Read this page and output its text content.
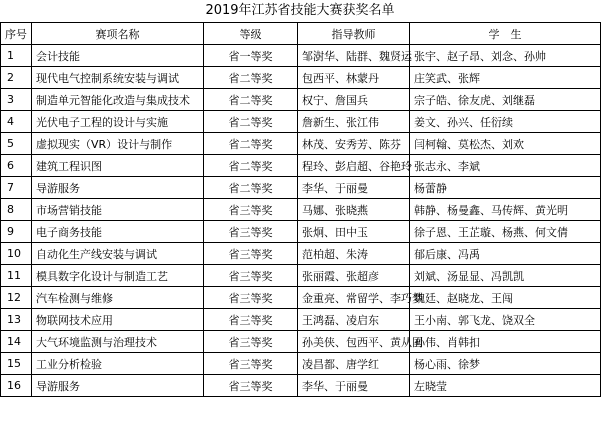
2019年江苏省技能大赛获奖名单
序号	赛项名称	等级	指导教师	学　生
1	会计技能	省一等奖	邹澍华、陆群、魏贤运	张宇、赵子昂、刘念、孙帅
2	现代电气控制系统安装与调试	省二等奖	包西平、林蒙丹	庄笑武、张辉
3	制造单元智能化改造与集成技术	省二等奖	权宁、詹国兵	宗子皓、徐友虎、刘继磊
4	光伏电子工程的设计与实施	省二等奖	詹新生、张江伟	姜文、孙兴、任衍续
5	虚拟现实（VR）设计与制作	省二等奖	林茂、安秀芳、陈芬	闫柯翰、莫松杰、刘欢
6	建筑工程识图	省二等奖	程玲、彭启超、谷艳玲	张志永、李斌
7	导游服务	省二等奖	李华、于丽曼	杨蕾静
8	市场营销技能	省三等奖	马娜、张晓燕	韩静、杨曼鑫、马传辉、黄光明
9	电子商务技能	省三等奖	张炯、田中玉	徐子恩、王芷璇、杨燕、何文倩
10	自动化生产线安装与调试	省三等奖	范柏超、朱涛	郁后康、冯禹
11	模具数字化设计与制造工艺	省三等奖	张丽霞、张超彦	刘斌、汤显显、冯凯凯
12	汽车检测与维修	省三等奖	金重亮、常留学、李巧梦	魏廷、赵晓龙、王闯
13	物联网技术应用	省三等奖	王鸿磊、凌启东	王小南、郭飞龙、饶双全
14	大气环境监测与治理技术	省三等奖	孙美侠、包西平、黄从国	孙伟、肖韩扣
15	工业分析检验	省三等奖	凌昌都、唐学红	杨心雨、徐梦
16	导游服务	省三等奖	李华、于丽曼	左晓莹
